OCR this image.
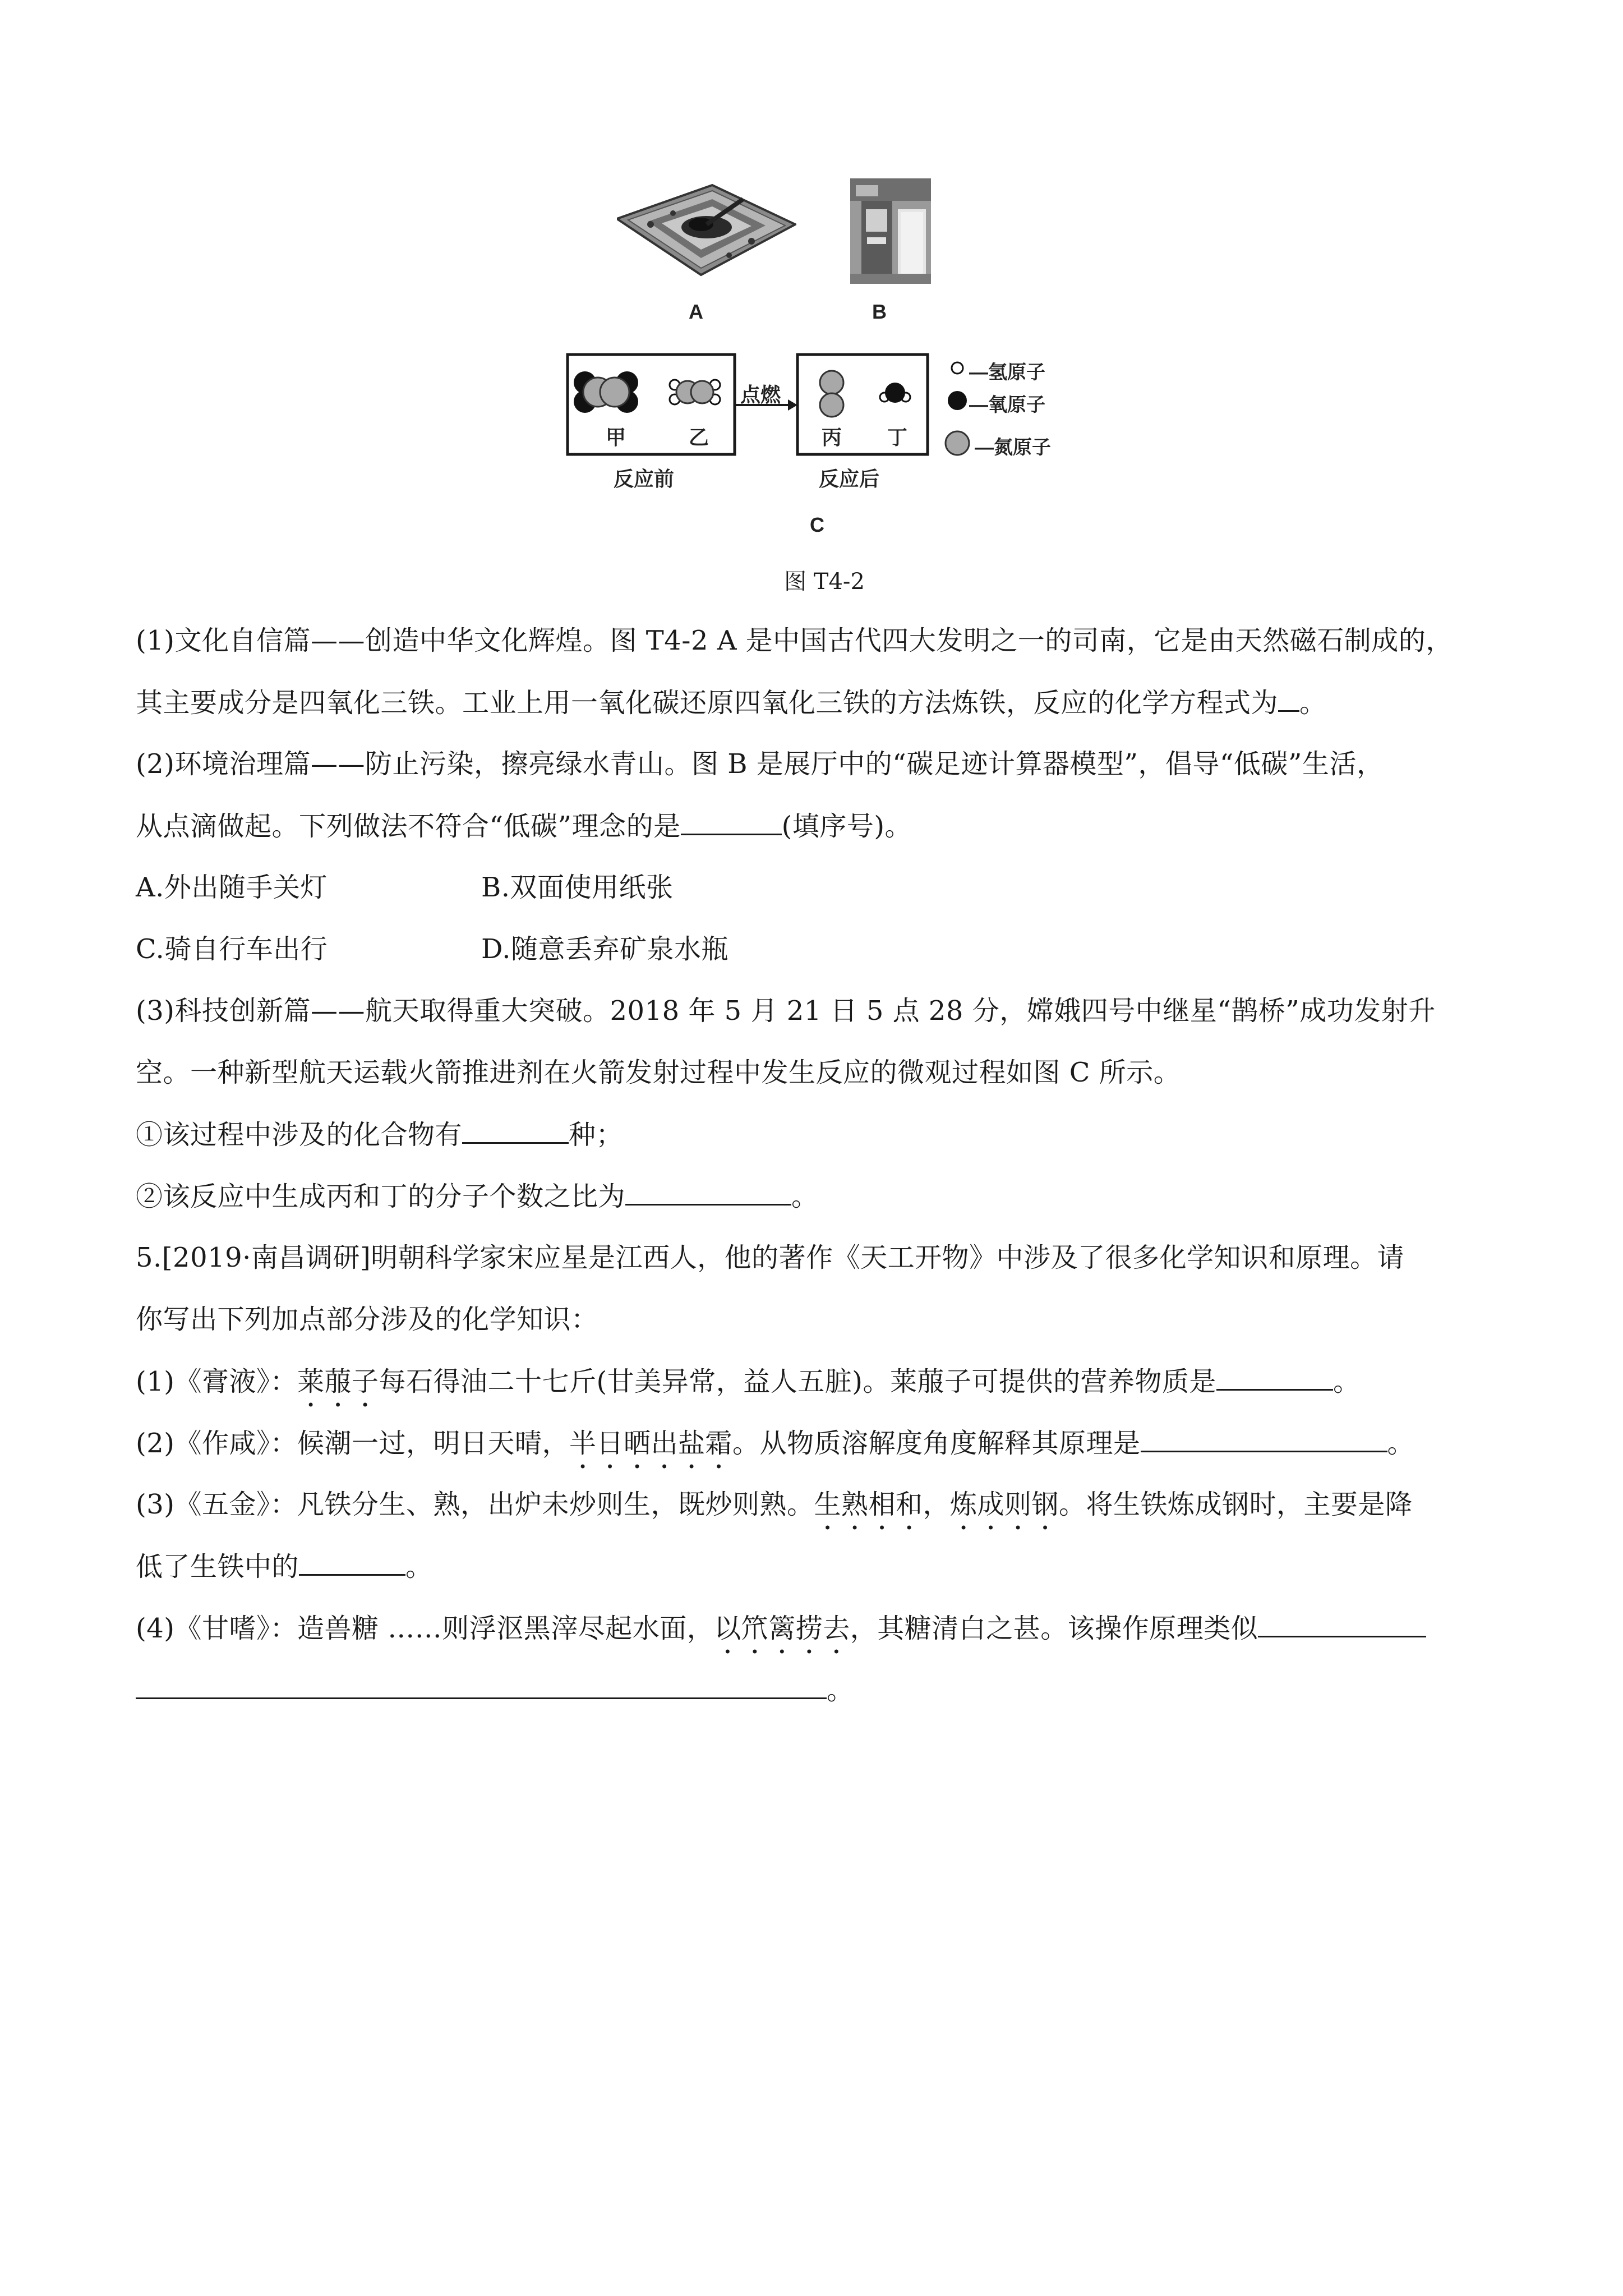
A	B
点燃
甲	乙	丙 丁
反应前	反应后
—氢原子
—氧原子
—氮原子
C
图 T4-2
(1)文化自信篇——创造中华文化辉煌。图 T4-2 A 是中国古代四大发明之一的司南，它是由天然磁石制成的，
其主要成分是四氧化三铁。工业上用一氧化碳还原四氧化三铁的方法炼铁，反应的化学方程式为 。
(2)环境治理篇——防止污染，擦亮绿水青山。图 B 是展厅中的“碳足迹计算器模型”，倡导“低碳”生活，
从点滴做起。下列做法不符合“低碳”理念的是	(填序号)。
A.外出随手关灯	B.双面使用纸张
C.骑自行车出行	D.随意丢弃矿泉水瓶
(3)科技创新篇——航天取得重大突破。2018 年 5 月 21 日 5 点 28 分，嫦娥四号中继星“鹊桥”成功发射升
空。一种新型航天运载火箭推进剂在火箭发射过程中发生反应的微观过程如图 C 所示。
①该过程中涉及的化合物有	种；
②该反应中生成丙和丁的分子个数之比为	。
5.[2019·南昌调研]明朝科学家宋应星是江西人，他的著作《天工开物》中涉及了很多化学知识和原理。请
你写出下列加点部分涉及的化学知识：
(1)《膏液》：莱菔子每石得油二十七斤(甘美异常，益人五脏)。莱菔子可提供的营养物质是	。
(2)《作咸》：候潮一过，明日天晴，半日晒出盐霜。从物质溶解度角度解释其原理是	。
(3)《五金》：凡铁分生、熟，出炉未炒则生，既炒则熟。生熟相和，炼成则钢。将生铁炼成钢时，主要是降
低了生铁中的	。
(4)《甘嗜》：造兽糖 ……则浮沤黑滓尽起水面，以笊篱捞去，其糖清白之甚。该操作原理类似
。
